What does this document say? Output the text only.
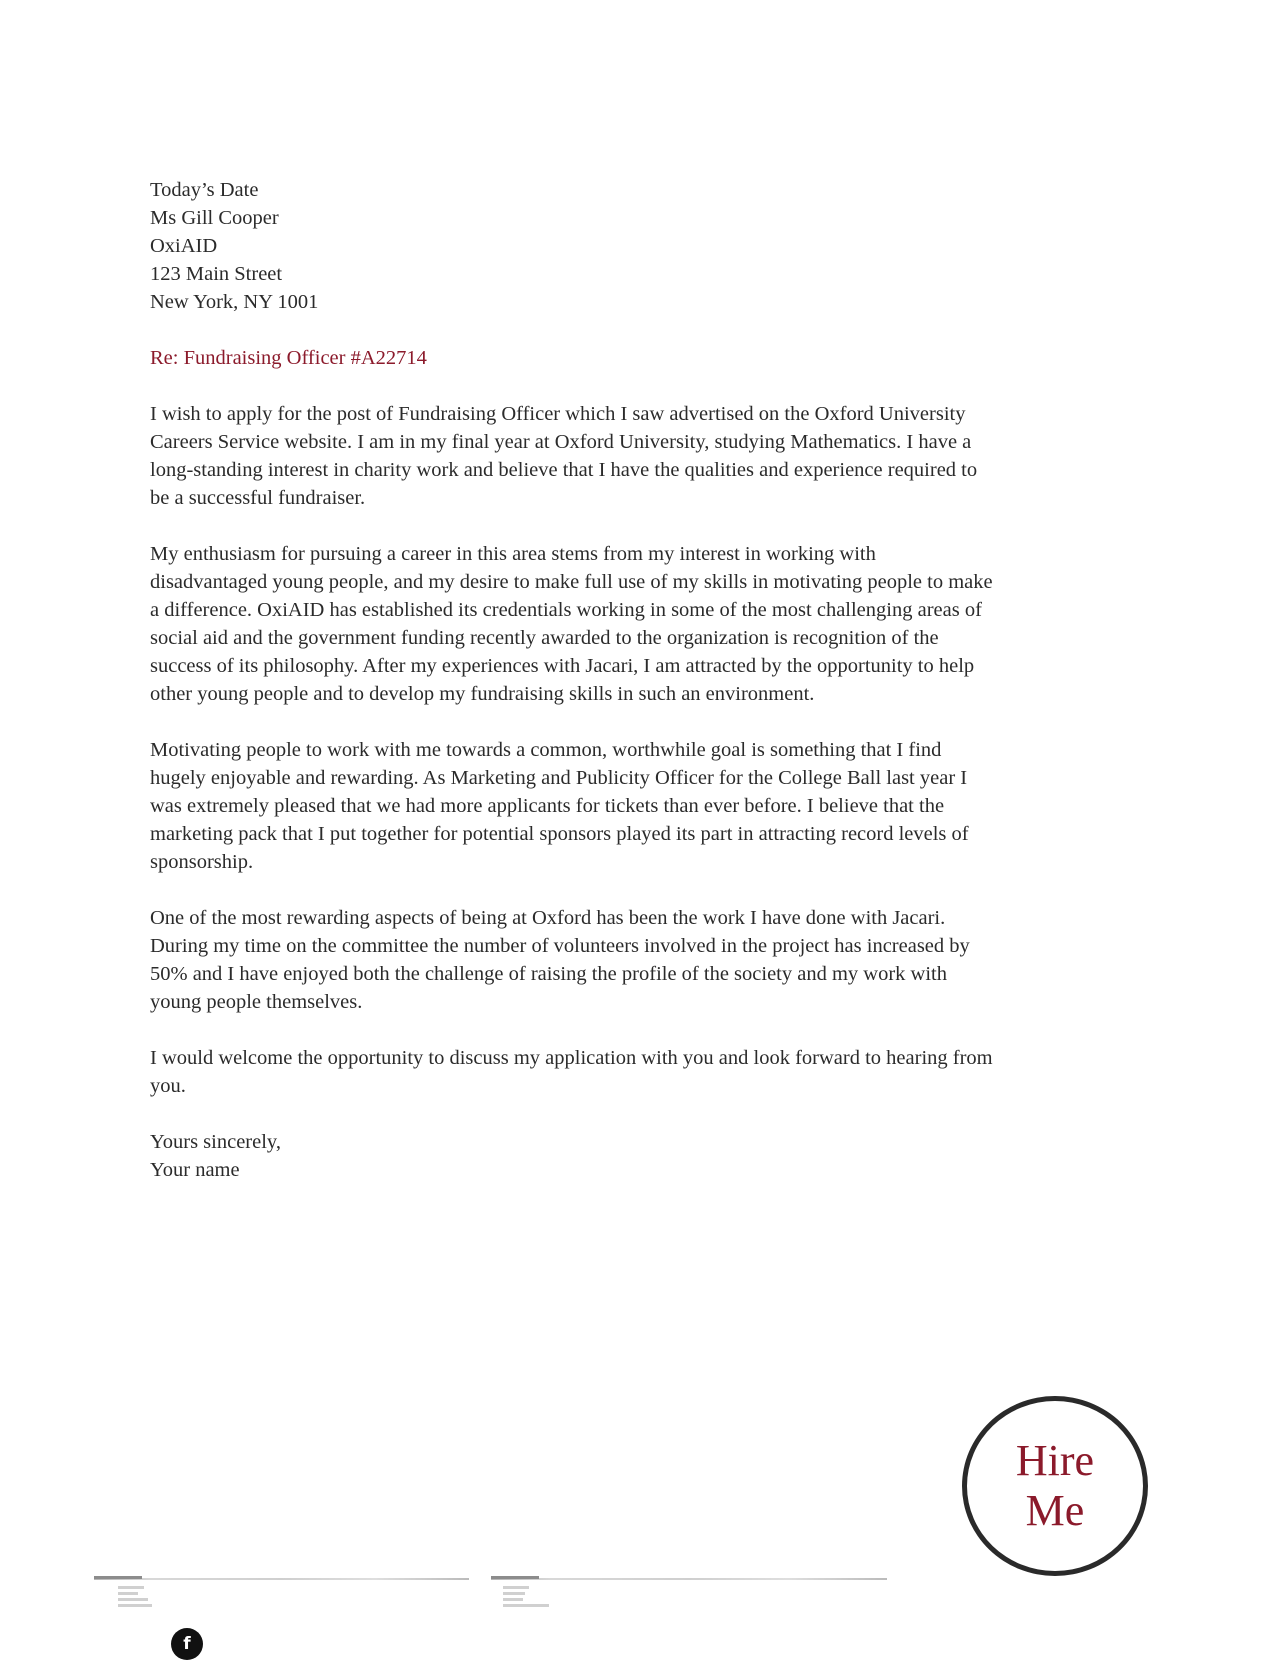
Today’s Date
Ms Gill Cooper
OxiAID
123 Main Street
New York, NY 1001
Re: Fundraising Officer #A22714

I wish to apply for the post of Fundraising Officer which I saw advertised on the Oxford University Careers Service website. I am in my final year at Oxford University, studying Mathematics. I have a long-standing interest in charity work and believe that I have the qualities and experience required to be a successful fundraiser.

My enthusiasm for pursuing a career in this area stems from my interest in working with disadvantaged young people, and my desire to make full use of my skills in motivating people to make a difference. OxiAID has established its credentials working in some of the most challenging areas of social aid and the government funding recently awarded to the organization is recognition of the success of its philosophy. After my experiences with Jacari, I am attracted by the opportunity to help other young people and to develop my fundraising skills in such an environment.

Motivating people to work with me towards a common, worthwhile goal is something that I find hugely enjoyable and rewarding. As Marketing and Publicity Officer for the College Ball last year I was extremely pleased that we had more applicants for tickets than ever before. I believe that the marketing pack that I put together for potential sponsors played its part in attracting record levels of sponsorship.

One of the most rewarding aspects of being at Oxford has been the work I have done with Jacari. During my time on the committee the number of volunteers involved in the project has increased by 50% and I have enjoyed both the challenge of raising the profile of the society and my work with young people themselves.

I would welcome the opportunity to discuss my application with you and look forward to hearing from you.

Yours sincerely,
Your name
Hire
Me
f
